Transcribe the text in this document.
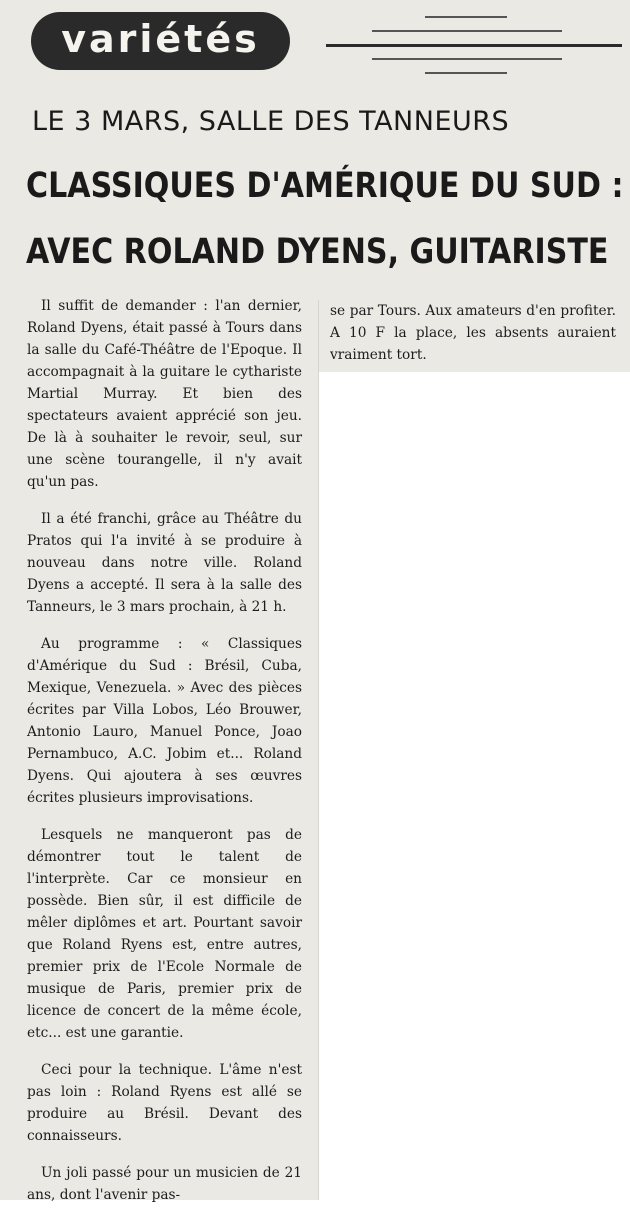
variétés
LE 3 MARS, SALLE DES TANNEURS
CLASSIQUES D'AMÉRIQUE DU SUD :
AVEC ROLAND DYENS, GUITARISTE

Il suffit de demander : l'an dernier, Roland Dyens, était passé à Tours dans la salle du Café-Théâtre de l'Epoque. Il accompagnait à la guitare le cythariste Martial Murray. Et bien des spectateurs avaient apprécié son jeu. De là à souhaiter le revoir, seul, sur une scène tourangelle, il n'y avait qu'un pas.

Il a été franchi, grâce au Théâtre du Pratos qui l'a invité à se produire à nouveau dans notre ville. Roland Dyens a accepté. Il sera à la salle des Tanneurs, le 3 mars prochain, à 21 h.

Au programme : « Classiques d'Amérique du Sud : Brésil, Cuba, Mexique, Venezuela. » Avec des pièces écrites par Villa Lobos, Léo Brouwer, Antonio Lauro, Manuel Ponce, Joao Pernambuco, A.C. Jobim et... Roland Dyens. Qui ajoutera à ses œuvres écrites plusieurs improvisations.

Lesquels ne manqueront pas de démontrer tout le talent de l'interprète. Car ce monsieur en possède. Bien sûr, il est difficile de mêler diplômes et art. Pourtant savoir que Roland Ryens est, entre autres, premier prix de l'Ecole Normale de musique de Paris, premier prix de licence de concert de la même école, etc... est une garantie.

Ceci pour la technique. L'âme n'est pas loin : Roland Ryens est allé se produire au Brésil. Devant des connaisseurs.

Un joli passé pour un musicien de 21 ans, dont l'avenir pas-

se par Tours. Aux amateurs d'en profiter. A 10 F la place, les absents auraient vraiment tort.
